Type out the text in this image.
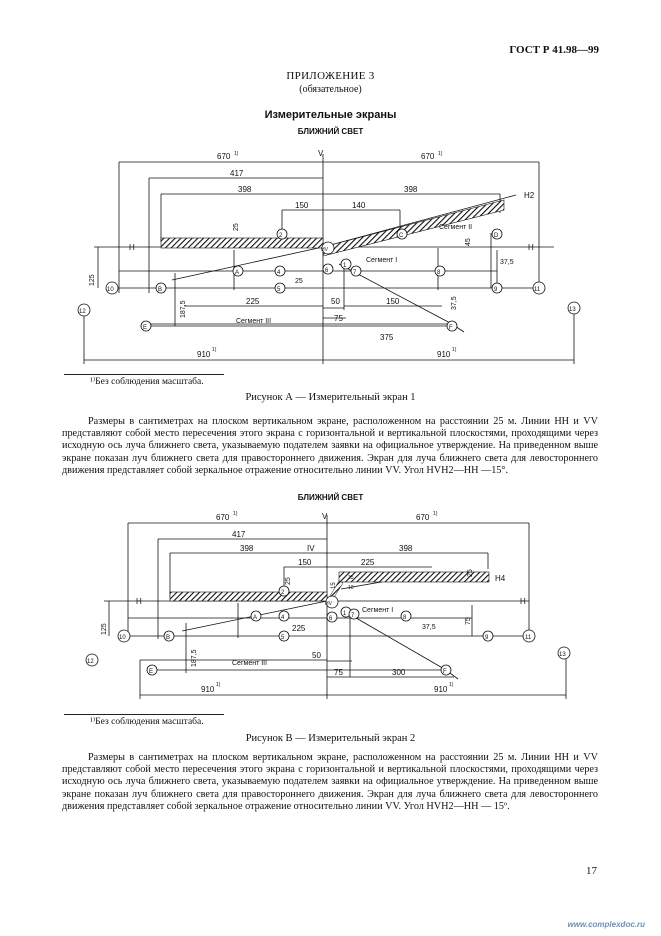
ГОСТ Р 41.98—99
ПРИЛОЖЕНИЕ 3
(обязательное)
Измерительные экраны
БЛИЖНИЙ СВЕТ
V
H	H
H2
670 1)	670 1)
417
398	398
150	140
Сегмент II
Сегмент I
Сегмент III
225	50
75
150
375
910 1)	910 1)
25
37,5
125
187,5
25
45
37,5
10	11
12	13
B	9
A	4
2
5
HV
6
1
7
C	D
8
E	F
¹⁾Без соблюдения масштаба.
Рисунок А — Измерительный экран 1

Размеры в сантиметрах на плоском вертикальном экране, расположенном на расстоянии 25 м. Линии HH и VV представляют собой место пересечения этого экрана с горизонтальной и вертикальной плоскостями, проходящими через исходную ось луча ближнего света, указываемую подателем заявки на официальное утверждение. На приведенном выше экране показан луч ближнего света для правостороннего движения. Экран для луча ближнего света для левостороннего движения представляет собой зеркальное отражение относительно линии VV. Угол HVH2—HH —15°.

БЛИЖНИЙ СВЕТ
V
H	H
H4
IV
670 1)	670 1)
417
398	398
150	225
Сегмент I
Сегмент III
225
50
75	300
910 1)	910 1)
37,5
125
187,5
25
25
15
75
10
35
10	11
12
13
B	9
A	4
2
5
HV
6
1 7	8
E	F
¹⁾Без соблюдения масштаба.
Рисунок В — Измерительный экран 2

Размеры в сантиметрах на плоском вертикальном экране, расположенном на расстоянии 25 м. Линии HH и VV представляют собой место пересечения этого экрана с горизонтальной и вертикальной плоскостями, проходящими через исходную ось луча ближнего света, указываемую подателем заявки на официальное утверждение. На приведенном выше экране показан луч ближнего света для правостороннего движения. Экран для луча ближнего света для левостороннего движения представляет собой зеркальное отражение относительно линии VV. Угол HVH2—HH — 15º.

17
www.complexdoc.ru
